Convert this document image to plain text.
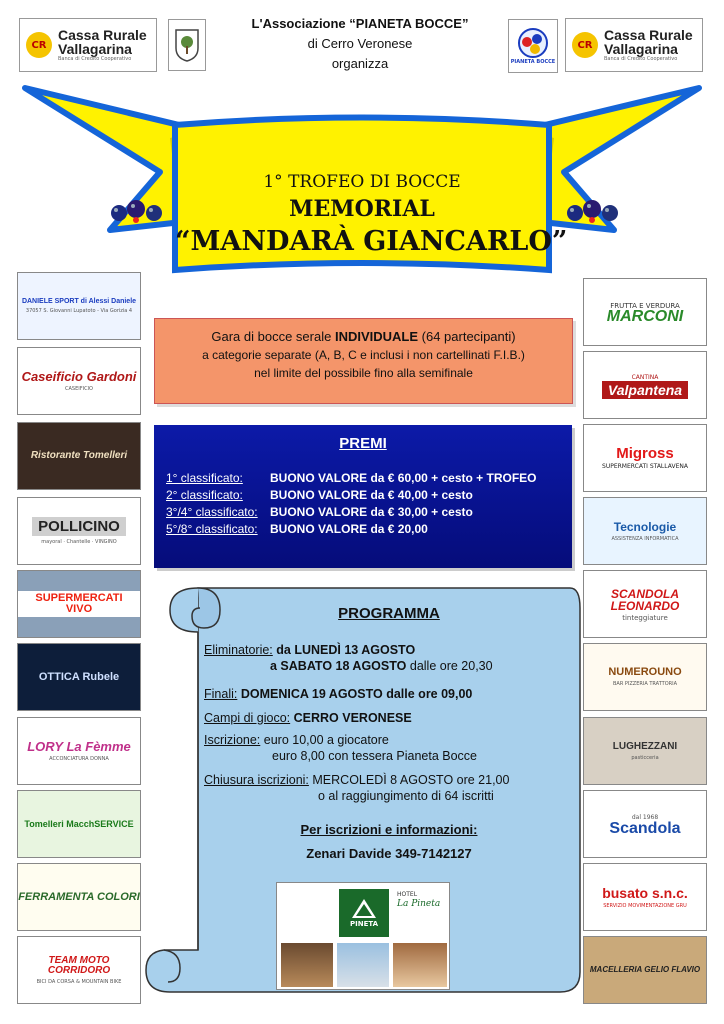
CR
Cassa Rurale
Vallagarina
Banca di Credito Cooperativo
L'Associazione “PIANETA BOCCE”
di Cerro Veronese
organizza	PIANETA BOCCE
CR
Cassa Rurale
Vallagarina
Banca di Credito Cooperativo
1° TROFEO DI BOCCE
MEMORIAL
“MANDARÀ GIANCARLO”
DANIELE SPORT di Alessi Daniele
37057 S. Giovanni Lupatoto - Via Gorizia 4
Caseificio Gardoni
CASEIFICIO
Ristorante Tomelleri
POLLICINO
mayoral · Chantelle · VINGINO
SUPERMERCATI VIVO
OTTICA Rubele
LORY La Fèmme
ACCONCIATURA DONNA
Tomelleri MacchSERVICE
FERRAMENTA COLORI
TEAM MOTO CORRIDORO
BICI DA CORSA & MOUNTAIN BIKE
FRUTTA E VERDURA
MARCONI
CANTINA
Valpantena
Migross
SUPERMERCATI STALLAVENA
Tecnologie
ASSISTENZA INFORMATICA
SCANDOLA LEONARDO
tinteggiature
NUMEROUNO
BAR PIZZERIA TRATTORIA
LUGHEZZANI
pasticceria
dal 1968
Scandola
busato s.n.c.
SERVIZIO MOVIMENTAZIONE GRU
MACELLERIA GELIO FLAVIO
Gara di bocce serale INDIVIDUALE (64 partecipanti)
a categorie separate (A, B, C e inclusi i non cartellinati F.I.B.)
nel limite del possibile fino alla semifinale
PREMI
1° classificato:	BUONO VALORE da € 60,00 + cesto + TROFEO
2° classificato:	BUONO VALORE da € 40,00 + cesto
3°/4° classificato:	BUONO VALORE da € 30,00 + cesto
5°/8° classificato:	BUONO VALORE da € 20,00
PROGRAMMA
Eliminatorie: da LUNEDÌ 13 AGOSTO
a SABATO 18 AGOSTO dalle ore 20,30
Finali: DOMENICA 19 AGOSTO dalle ore 09,00
Campi di gioco: CERRO VERONESE
Iscrizione: euro 10,00 a giocatore
euro 8,00 con tessera Pianeta Bocce
Chiusura iscrizioni: MERCOLEDÌ 8 AGOSTO ore 21,00
o al raggiungimento di 64 iscritti
Per iscrizioni e informazioni:
Zenari Davide 349-7142127
PINETA
HOTEL
La Pineta
